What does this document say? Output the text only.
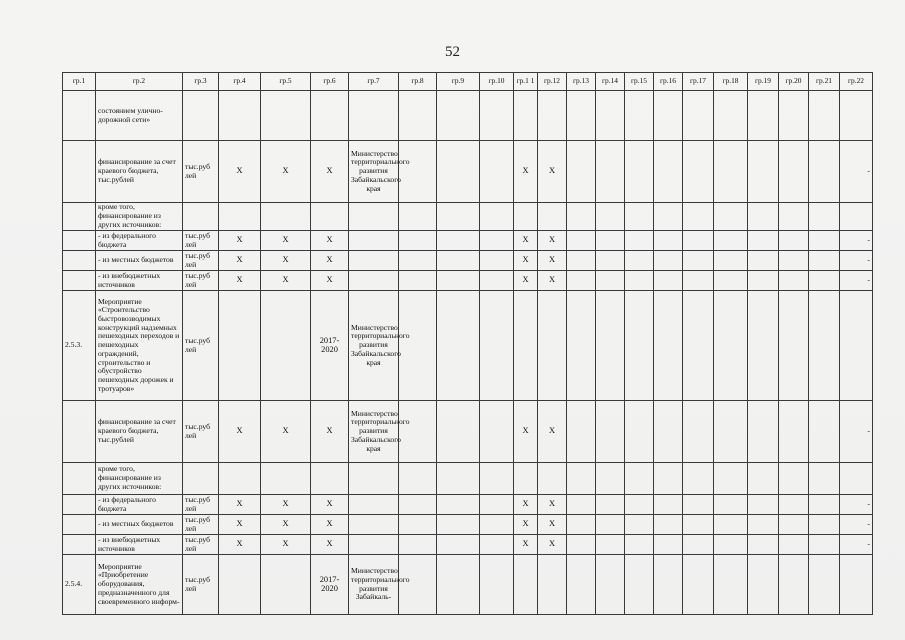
52
гр.1	гр.2	гр.3	гр.4	гр.5	гр.6	гр.7	гр.8	гр.9	гр.10	гр.1 1	гр.12	гр.13	гр.14	гр.15	гр.16	гр.17	гр.18	гр.19	гр.20	гр.21	гр.22
	состоянием улично-дорожной сети»																				
	финансирование за счет краевого бюджета, тыс.рублей	тыс.руб лей	Х	Х	Х	Министерство территориального развития Забайкальского края				Х	Х										-
	кроме того, финансирование из других источников:																				
	- из федерального бюджета	тыс.руб лей	Х	Х	Х					Х	Х										-
	- из местных бюджетов	тыс.руб лей	Х	Х	Х					Х	Х										-
	- из внебюджетных источников	тыс.руб лей	Х	Х	Х					Х	Х										-
2.5.3.	Мероприятие «Строительство быстровозводимых конструкций надземных пешеходных переходов и пешеходных ограждений, строительство и обустройство пешеходных дорожек и тротуаров»	тыс.руб лей			2017-2020	Министерство территориального развития Забайкальского края															
	финансирование за счет краевого бюджета, тыс.рублей	тыс.руб лей	Х	Х	Х	Министерство территориального развития Забайкальского края				Х	Х										-
	кроме того, финансирование из других источников:																				
	- из федерального бюджета	тыс.руб лей	Х	Х	Х					Х	Х										-
	- из местных бюджетов	тыс.руб лей	Х	Х	Х					Х	Х										-
	- из внебюджетных источников	тыс.руб лей	Х	Х	Х					Х	Х										-
2.5.4.	Мероприятие «Приобретение оборудования, предназначенного для своевременного информ-	тыс.руб лей			2017-2020	Министерство территориального развития Забайкаль-															
